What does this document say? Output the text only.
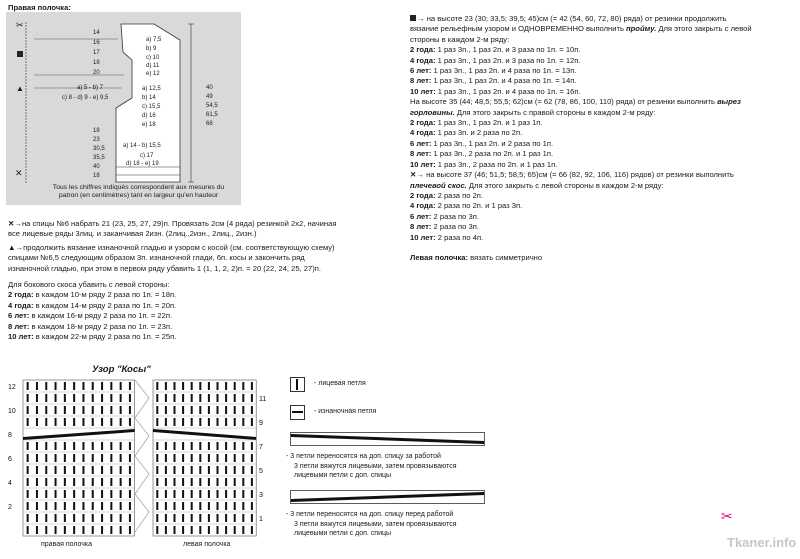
Правая полочка:
✂
▲
✕
14
16
17
18
20
18
23
30,5
35,5
40
18
a) 7,5
b) 9
c) 10
d) 11
e) 12
a) 5 - b) 7
c) 8 - d) 9 - e) 9,5
a) 12,5
b) 14
c) 15,5
d) 16
e) 18
a) 14 - b) 15,5
c) 17
d) 18 - e) 19
40
49
54,5
61,5
68
Tous les chiffres indiqués correspondent aux mesures du
patron (en centimètres) tant en largeur qu'en hauteur
✕→на спицы №6 набрать 21 (23, 25, 27, 29)п. Провязать 2см (4 ряда) резинкой 2х2, начиная
все лицевые ряды 3лиц. и заканчивая 2изн. (2лиц.,2изн., 2лиц., 2изн.)
▲→продолжить вязание изнаночной гладью и узором с косой (см. соответствующую схему)
спицами №6,5 следующим образом 3п. изнаночной глади, 6п. косы и закончить ряд
изнаночной гладью, при этом в первом ряду убавить 1 (1, 1, 2, 2)п. = 20 (22, 24, 25, 27)п.
Для бокового скоса убавить с левой стороны:
2 года: в каждом 10-м ряду 2 раза по 1п. = 18п.
4 года: в каждом 14-м ряду 2 раза по 1п. = 20п.
6 лет: в каждом 16-м ряду 2 раза по 1п. = 22п.
8 лет: в каждом 18-м ряду 2 раза по 1п. = 23п.
10 лет: в каждом 22-м ряду 2 раза по 1п. = 25п.
→ на высоте 23 (30; 33,5; 39,5; 45)см (= 42 (54, 60, 72, 80) ряда) от резинки продолжить
вязание рельефным узором и ОДНОВРЕМЕННО выполнить пройму. Для этого закрыть с левой
стороны в каждом 2-м ряду:
2 года: 1 раз 3п., 1 раз 2п. и 3 раза по 1п. = 10п.
4 года: 1 раз 3п., 1 раз 2п. и 3 раза по 1п. = 12п.
6 лет: 1 раз 3п., 1 раз 2п. и 4 раза по 1п. = 13п.
8 лет: 1 раз 3п., 1 раз 2п. и 4 раза по 1п. = 14п.
10 лет: 1 раз 3п., 1 раз 2п. и 4 раза по 1п. = 16п.
На высоте 35 (44; 48,5; 55,5; 62)см (= 62 (78, 86, 100, 110) ряда) от резинки выполнить вырез
горловины. Для этого закрыть с правой стороны в каждом 2-м ряду:
2 года: 1 раз 3п., 1 раз 2п. и 1 раз 1п.
4 года: 1 раз 3п. и 2 раза по 2п.
6 лет: 1 раз 3п., 1 раз 2п. и 2 раза по 1п.
8 лет: 1 раз 3п., 2 раза по 2п. и 1 раз 1п.
10 лет: 1 раз 3п., 2 раза по 2п. и 1 раз 1п.
✕→ на высоте 37 (46; 51,5; 58,5; 65)см (= 66 (82, 92, 106, 116) рядов) от резинки выполнить
плечевой скос. Для этого закрыть с левой стороны в каждом 2-м ряду:
2 года: 2 раза по 2п.
4 года: 2 раза по 2п. и 1 раз 3п.
6 лет: 2 раза по 3п.
8 лет: 2 раза по 3п.
10 лет: 2 раза по 4п.
Левая полочка: вязать симметрично
Узор "Косы"
12
10
8
6
4
2
11
9
7
5
3
1
правая полочка	левая полочка
- лицевая петля
- изнаночная петля
- 3 петли переносятся на доп. спицу за работой
3 петли вяжутся лицевыми, затем провязываются
лицевыми петли с доп. спицы
- 3 петли переносятся на доп. спицу перед работой
3 петли вяжутся лицевыми, затем провязываются
лицевыми петли с доп. спицы
✂
Tkaner.info
